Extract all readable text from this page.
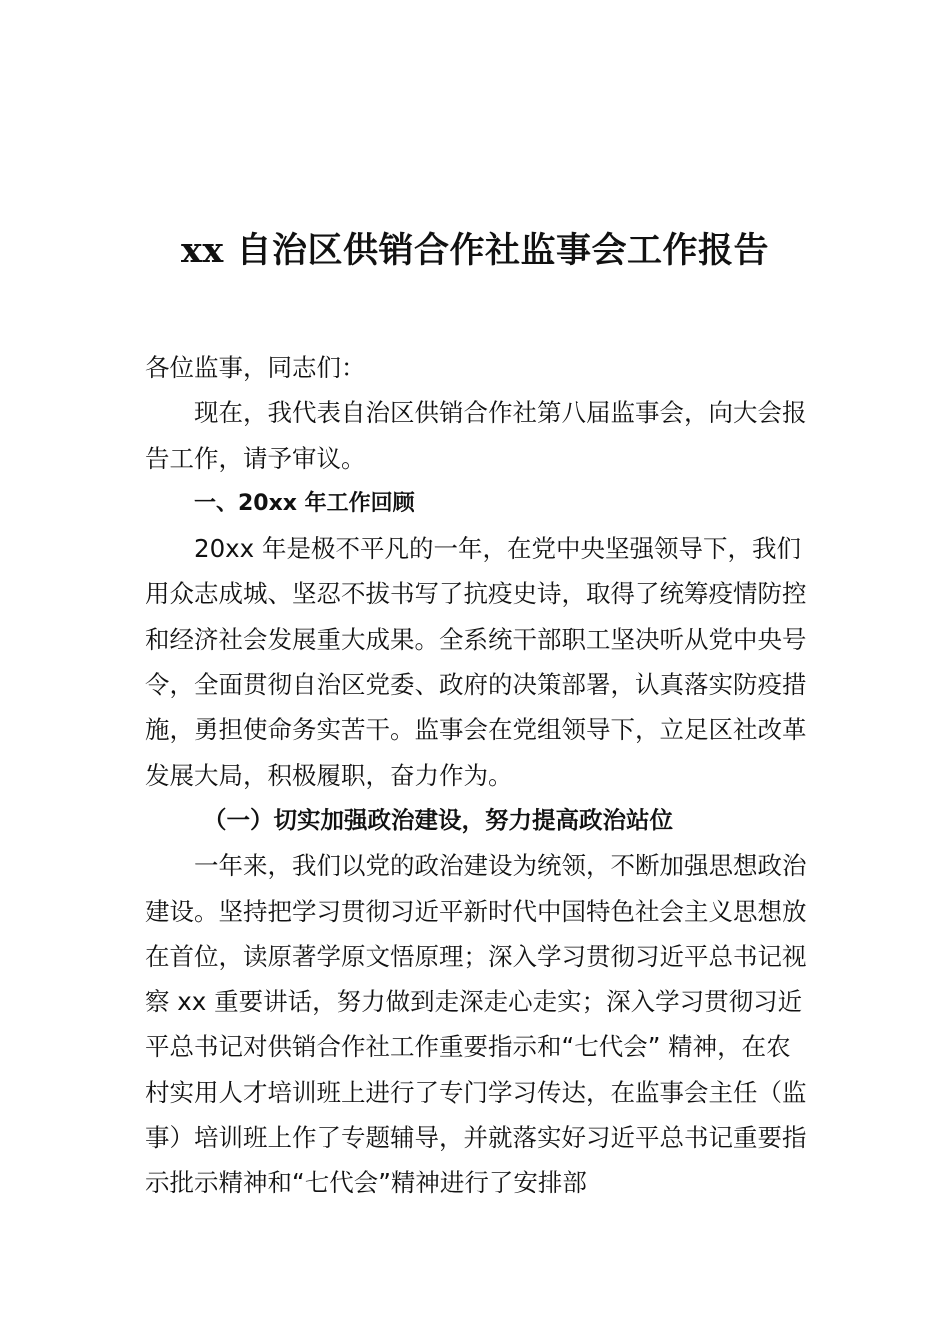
xx 自治区供销合作社监事会工作报告

各位监事，同志们：

现在，我代表自治区供销合作社第八届监事会，向大会报告工作，请予审议。

一、20xx 年工作回顾

20xx 年是极不平凡的一年，在党中央坚强领导下，我们用众志成城、坚忍不拔书写了抗疫史诗，取得了统筹疫情防控和经济社会发展重大成果。全系统干部职工坚决听从党中央号令，全面贯彻自治区党委、政府的决策部署，认真落实防疫措施，勇担使命务实苦干。监事会在党组领导下，立足区社改革发展大局，积极履职，奋力作为。

（一）切实加强政治建设，努力提高政治站位

一年来，我们以党的政治建设为统领，不断加强思想政治建设。坚持把学习贯彻习近平新时代中国特色社会主义思想放在首位，读原著学原文悟原理；深入学习贯彻习近平总书记视察 xx 重要讲话，努力做到走深走心走实；深入学习贯彻习近平总书记对供销合作社工作重要指示和“七代会” 精神，在农村实用人才培训班上进行了专门学习传达，在监事会主任（监事）培训班上作了专题辅导，并就落实好习近平总书记重要指示批示精神和“七代会”精神进行了安排部
